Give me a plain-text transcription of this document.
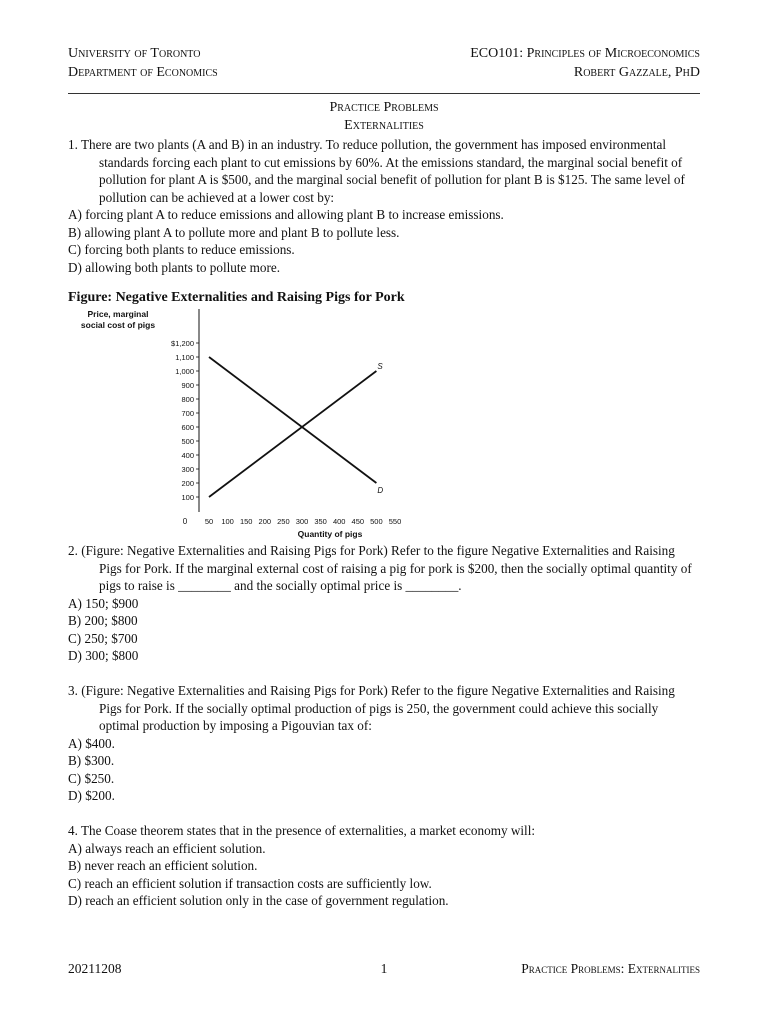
University of Toronto
Department of Economics
ECO101: Principles of Microeconomics
Robert Gazzale, PhD
Practice Problems
Externalities
1. There are two plants (A and B) in an industry. To reduce pollution, the government has imposed environmental standards forcing each plant to cut emissions by 60%. At the emissions standard, the marginal social benefit of pollution for plant A is $500, and the marginal social benefit of pollution for plant B is $125. The same level of pollution can be achieved at a lower cost by:
A) forcing plant A to reduce emissions and allowing plant B to increase emissions.
B) allowing plant A to pollute more and plant B to pollute less.
C) forcing both plants to reduce emissions.
D) allowing both plants to pollute more.
Figure: Negative Externalities and Raising Pigs for Pork
Price, marginal
social cost of pigs
100
200
300
400
500
600
700
800
900
1,000
1,100
$1,200
50 100 150 200 250 300 350 400 450 500 550
S
D
0
Quantity of pigs
2. (Figure: Negative Externalities and Raising Pigs for Pork) Refer to the figure Negative Externalities and Raising Pigs for Pork. If the marginal external cost of raising a pig for pork is $200, then the socially optimal quantity of pigs to raise is ________ and the socially optimal price is ________.
A) 150; $900
B) 200; $800
C) 250; $700
D) 300; $800
3. (Figure: Negative Externalities and Raising Pigs for Pork) Refer to the figure Negative Externalities and Raising Pigs for Pork. If the socially optimal production of pigs is 250, the government could achieve this socially optimal production by imposing a Pigouvian tax of:
A) $400.
B) $300.
C) $250.
D) $200.
4. The Coase theorem states that in the presence of externalities, a market economy will:
A) always reach an efficient solution.
B) never reach an efficient solution.
C) reach an efficient solution if transaction costs are sufficiently low.
D) reach an efficient solution only in the case of government regulation.
20211208	1	Practice Problems: Externalities
